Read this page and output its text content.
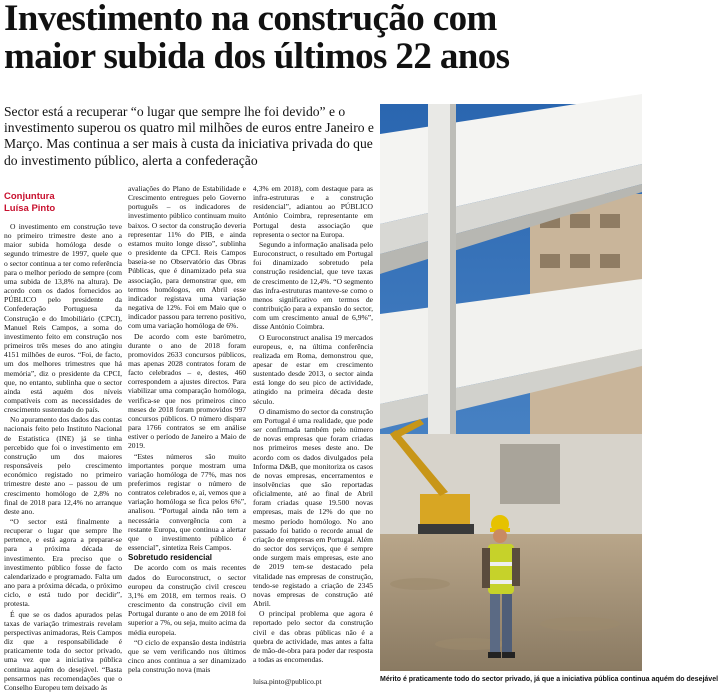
Investimento na construção com
maior subida dos últimos 22 anos
Sector está a recuperar “o lugar que sempre lhe foi devido” e o investimento superou os quatro mil milhões de euros entre Janeiro e Março. Mas continua a ser mais à custa da iniciativa privada do que do investimento público, alerta a confederação
Conjuntura
Luísa Pinto

O investimento em construção teve no primeiro trimestre deste ano a maior subida homóloga desde o segundo trimestre de 1997, quele que o sector continua a ter como referência para o melhor período de sempre (com uma subida de 13,8% na altura). De acordo com os dados fornecidos ao PÚBLICO pelo presidente da Confederação Portuguesa da Construção e do Imobiliário (CPCI), Manuel Reis Campos, a soma do investimento feito em construção nos primeiros três meses do ano atingiu 4151 milhões de euros. “Foi, de facto, um dos melhores trimestres que há memória”, diz o presidente da CPCI, que, no entanto, sublinha que o sector ainda está aquém dos níveis compatíveis com as necessidades de crescimento sustentado do país.

No apuramento dos dados das contas nacionais feito pelo Instituto Nacional de Estatística (INE) já se tinha percebido que foi o investimento em construção um dos maiores responsáveis pelo crescimento económico registado no primeiro trimestre deste ano – passou de um crescimento homólogo de 2,8% no final de 2018 para 12,4% no arranque deste ano.

“O sector está finalmente a recuperar o lugar que sempre lhe pertence, e está agora a preparar-se para a próxima década de investimento. Era preciso que o investimento público fosse de facto calendarizado e programado. Falta um ano para a próxima década, o próximo ciclo, e está tudo por decidir”, protesta.

É que se os dados apurados pelas taxas de variação trimestrais revelam perspectivas animadoras, Reis Campos diz que a responsabilidade é praticamente toda do sector privado, uma vez que a iniciativa pública continua aquém do desejável. “Basta pensarmos nas recomendações que o Conselho Europeu tem deixado às

avaliações do Plano de Estabilidade e Crescimento entregues pelo Governo português – os indicadores de investimento público continuam muito baixos. O sector da construção deveria representar 11% do PIB, e ainda estamos muito longe disso”, sublinha o presidente da CPCI. Reis Campos baseia-se no Observatório das Obras Públicas, que é dinamizado pela sua associação, para demonstrar que, em termos homólogos, em Abril esse indicador registava uma variação negativa de 12%. Foi em Maio que o indicador passou para terreno positivo, com uma variação homóloga de 6%.

De acordo com este barómetro, durante o ano de 2018 foram promovidos 2633 concursos públicos, mas apenas 2028 contratos foram de facto celebrados – e, destes, 460 correspondem a ajustes directos. Para viabilizar uma comparação homóloga, verifica-se que nos primeiros cinco meses de 2018 foram promovidos 997 concursos públicos. O número dispara para 1766 contratos se em análise estiver o período de Janeiro a Maio de 2019.

“Estes números são muito importantes porque mostram uma variação homóloga de 77%, mas nos preferimos registar o número de contratos celebrados e, aí, vemos que a variação homóloga se fica pelos 6%”, analisou. “Portugal ainda não tem a necessária convergência com a restante Europa, que continua a alertar que o investimento público é essencial”, sintetiza Reis Campos.

Sobretudo residencial

De acordo com os mais recentes dados do Euroconstruct, o sector europeu da construção civil cresceu 3,1% em 2018, em termos reais. O crescimento da construção civil em Portugal durante o ano de em 2018 foi superior a 7%, ou seja, muito acima da média europeia.

“O ciclo de expansão desta indústria que se vem verificando nos últimos cinco anos continua a ser dinamizado pela construção nova (mais

4,3% em 2018), com destaque para as infra-estruturas e a construção residencial”, adiantou ao PÚBLICO António Coimbra, representante em Portugal desta associação que representa o sector na Europa.

Segundo a informação analisada pelo Euroconstruct, o resultado em Portugal foi dinamizado sobretudo pela construção residencial, que teve taxas de crescimento de 12,4%. “O segmento das infra-estruturas manteve-se como o menos significativo em termos de contribuição para a expansão do sector, com um crescimento anual de 6,9%”, disse António Coimbra.

O Euroconstruct analisa 19 mercados europeus, e, na última conferência realizada em Roma, demonstrou que, apesar de estar em crescimento sustentado desde 2013, o sector ainda está longe do seu pico de actividade, atingido na primeira década deste século.

O dinamismo do sector da construção em Portugal é uma realidade, que pode ser confirmada também pelo número de novas empresas que foram criadas nos primeiros meses deste ano. De acordo com os dados divulgados pela Informa D&B, que monitoriza os casos de novas empresas, encerramentos e insolvências que são reportadas oficialmente, até ao final de Abril foram criadas quase 19.500 novas empresas, mais de 12% do que no mesmo período homólogo. No ano passado foi batido o recorde anual de criação de empresas em Portugal. Além do sector dos serviços, que é sempre onde surgem mais empresas, este ano de 2019 tem-se destacado pela vitalidade nas empresas de construção, tendo-se registado a criação de 2345 novas empresas de construção até Abril.

O principal problema que agora é reportado pelo sector da construção civil e das obras públicas não é a quebra de actividade, mas antes a falta de mão-de-obra para poder dar resposta a todas as encomendas.

luisa.pinto@publico.pt	Mérito é praticamente todo do sector privado, já que a iniciativa pública continua aquém do desejável
